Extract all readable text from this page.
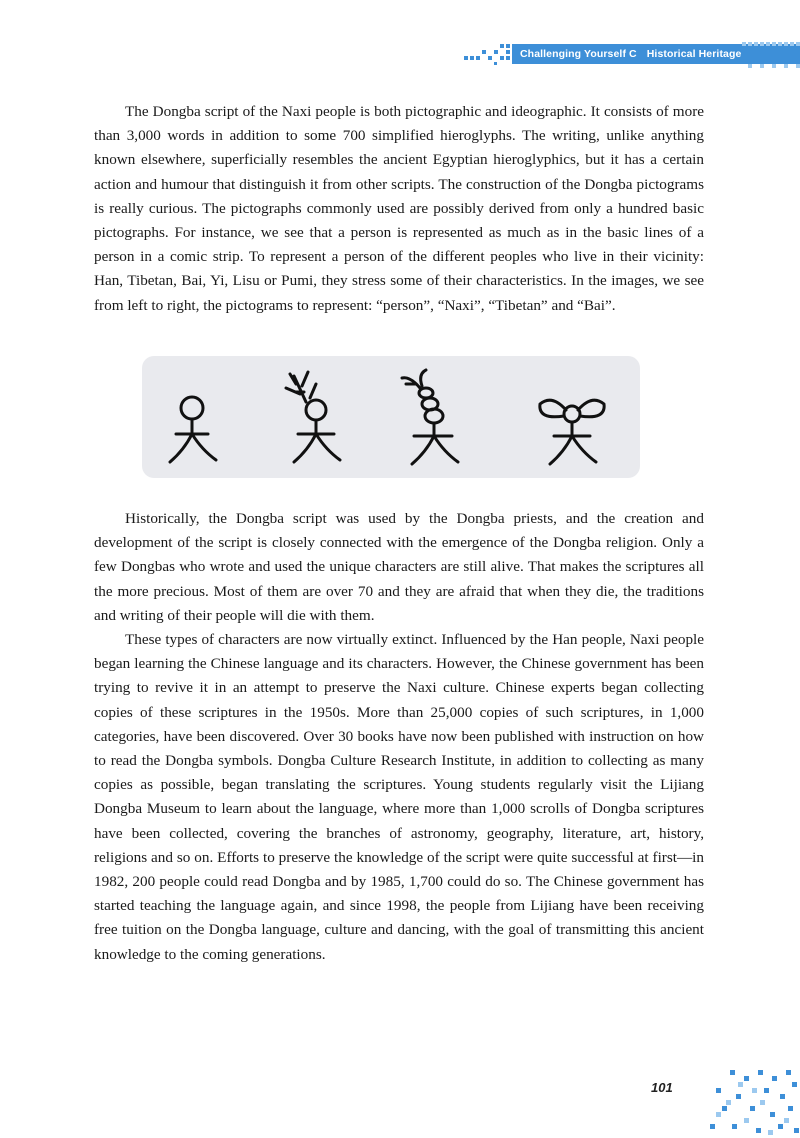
Challenging Yourself C Historical Heritage

The Dongba script of the Naxi people is both pictographic and ideographic. It consists of more than 3,000 words in addition to some 700 simplified hieroglyphs. The writing, unlike anything known elsewhere, superficially resembles the ancient Egyptian hieroglyphics, but it has a certain action and humour that distinguish it from other scripts. The construction of the Dongba pictograms is really curious. The pictographs commonly used are possibly derived from only a hundred basic pictographs. For instance, we see that a person is represented as much as in the basic lines of a person in a comic strip. To represent a person of the different peoples who live in their vicinity: Han, Tibetan, Bai, Yi, Lisu or Pumi, they stress some of their characteristics. In the images, we see from left to right, the pictograms to represent: “person”, “Naxi”, “Tibetan” and “Bai”.

Historically, the Dongba script was used by the Dongba priests, and the creation and development of the script is closely connected with the emergence of the Dongba religion. Only a few Dongbas who wrote and used the unique characters are still alive. That makes the scriptures all the more precious. Most of them are over 70 and they are afraid that when they die, the traditions and writing of their people will die with them.

These types of characters are now virtually extinct. Influenced by the Han people, Naxi people began learning the Chinese language and its characters. However, the Chinese government has been trying to revive it in an attempt to preserve the Naxi culture. Chinese experts began collecting copies of these scriptures in the 1950s. More than 25,000 copies of such scriptures, in 1,000 categories, have been discovered. Over 30 books have now been published with instruction on how to read the Dongba symbols. Dongba Culture Research Institute, in addition to collecting as many copies as possible, began translating the scriptures. Young students regularly visit the Lijiang Dongba Museum to learn about the language, where more than 1,000 scrolls of Dongba scriptures have been collected, covering the branches of astronomy, geography, literature, art, history, religions and so on. Efforts to preserve the knowledge of the script were quite successful at first—in 1982, 200 people could read Dongba and by 1985, 1,700 could do so. The Chinese government has started teaching the language again, and since 1998, the people from Lijiang have been receiving free tuition on the Dongba language, culture and dancing, with the goal of transmitting this ancient knowledge to the coming generations.

101
